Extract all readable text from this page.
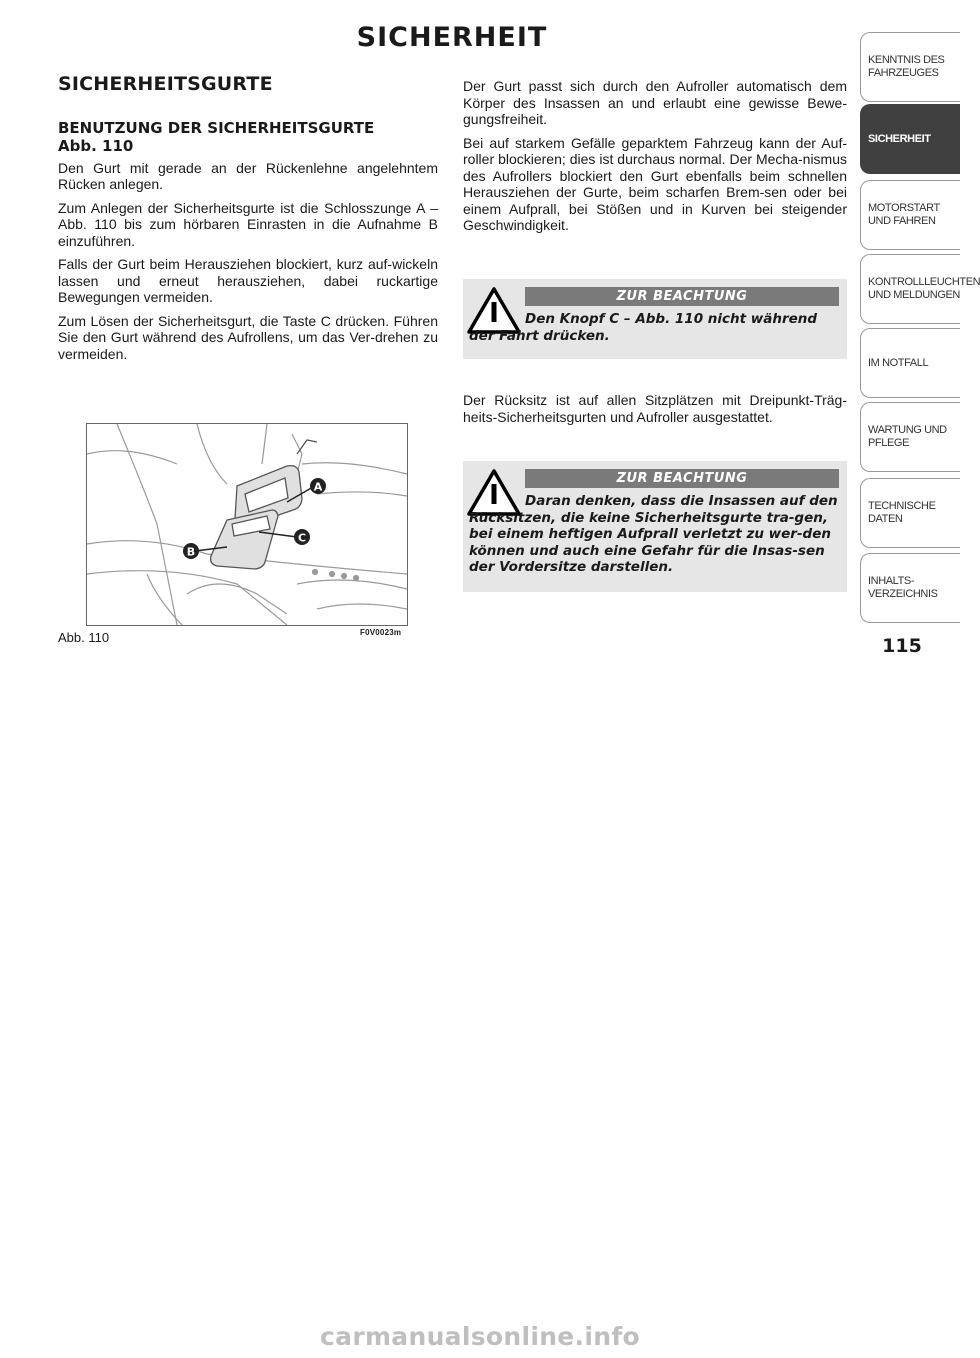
SICHERHEIT
SICHERHEITSGURTE
BENUTZUNG DER SICHERHEITSGURTE
Abb. 110

Den Gurt mit gerade an der Rückenlehne angelehntem Rücken anlegen.

Zum Anlegen der Sicherheitsgurte ist die Schlosszunge A – Abb. 110 bis zum hörbaren Einrasten in die Aufnahme B einzuführen.

Falls der Gurt beim Herausziehen blockiert, kurz auf-wickeln lassen und erneut herausziehen, dabei ruckartige Bewegungen vermeiden.

Zum Lösen der Sicherheitsgurt, die Taste C drücken. Führen Sie den Gurt während des Aufrollens, um das Ver-drehen zu vermeiden.

A
B
C
Abb. 110	F0V0023m

Der Gurt passt sich durch den Aufroller automatisch dem Körper des Insassen an und erlaubt eine gewisse Bewe-gungsfreiheit.

Bei auf starkem Gefälle geparktem Fahrzeug kann der Auf-roller blockieren; dies ist durchaus normal. Der Mecha-nismus des Aufrollers blockiert den Gurt ebenfalls beim schnellen Herausziehen der Gurte, beim scharfen Brem-sen oder bei einem Aufprall, bei Stößen und in Kurven bei steigender Geschwindigkeit.

ZUR BEACHTUNG
Den Knopf C – Abb. 110 nicht während der Fahrt drücken.

Der Rücksitz ist auf allen Sitzplätzen mit Dreipunkt-Träg-heits-Sicherheitsgurten und Aufroller ausgestattet.

ZUR BEACHTUNG
Daran denken, dass die Insassen auf den Rücksitzen, die keine Sicherheitsgurte tra-gen, bei einem heftigen Aufprall verletzt zu wer-den können und auch eine Gefahr für die Insas-sen der Vordersitze darstellen.
KENNTNIS DES FAHRZEUGES
SICHERHEIT
MOTORSTART UND FAHREN
KONTROLLLEUCHTEN UND MELDUNGEN
IM NOTFALL
WARTUNG UND PFLEGE
TECHNISCHE DATEN
INHALTS- VERZEICHNIS
115
carmanualsonline.info
